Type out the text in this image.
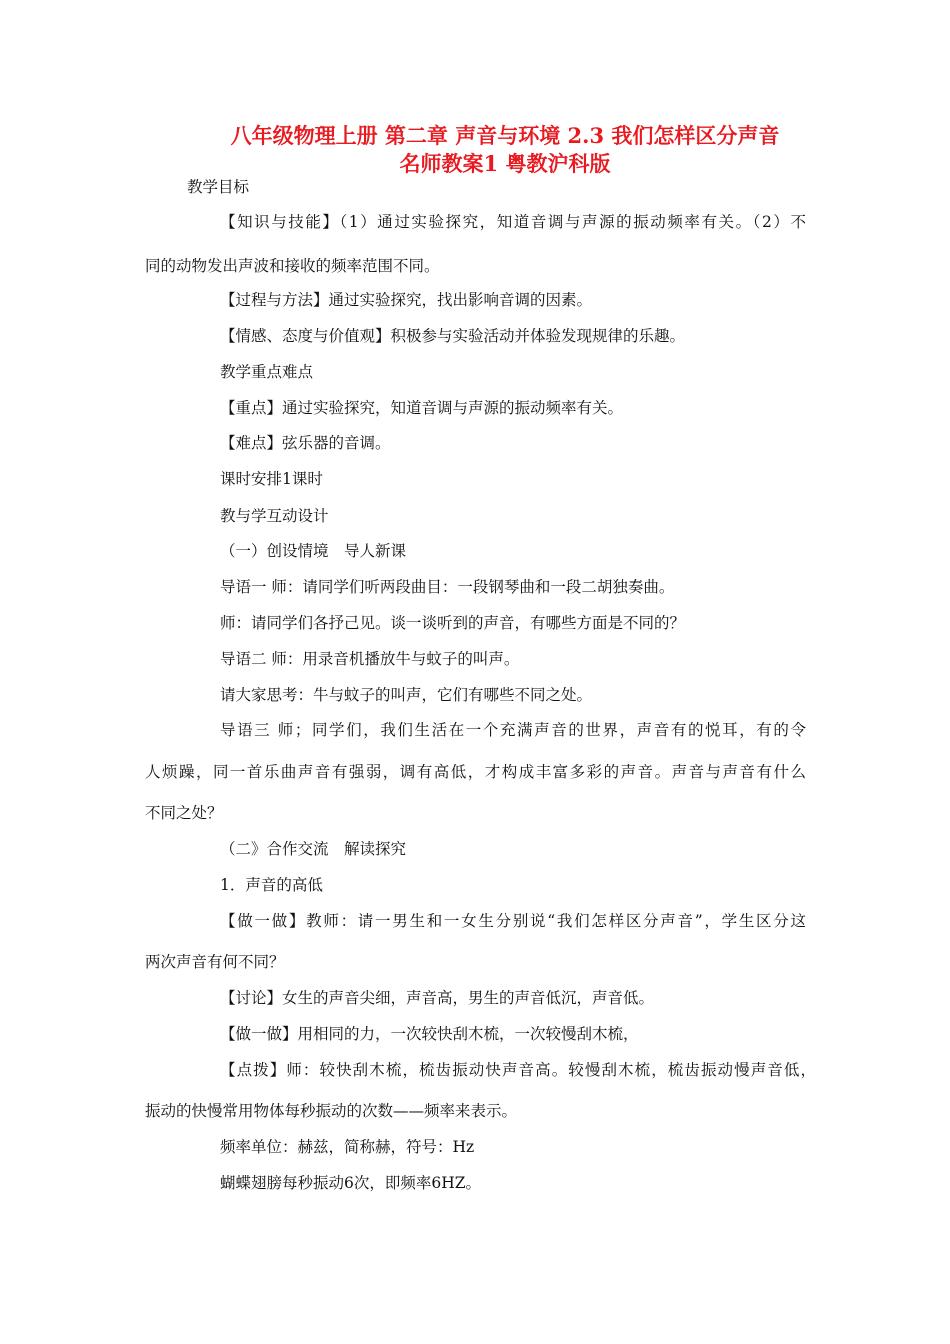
八年级物理上册 第二章 声音与环境 2.3 我们怎样区分声音
名师教案1 粤教沪科版

教学目标

【知识与技能】（1）通过实验探究，知道音调与声源的振动频率有关。（2）不

同的动物发出声波和接收的频率范围不同。

【过程与方法】通过实验探究，找出影响音调的因素。

【情感、态度与价值观】积极参与实验活动并体验发现规律的乐趣。

教学重点难点

【重点】通过实验探究，知道音调与声源的振动频率有关。

【难点】弦乐器的音调。

课时安排1课时

教与学互动设计

（一）创设情境　导人新课

导语一 师：请同学们听两段曲目：一段钢琴曲和一段二胡独奏曲。

师：请同学们各抒己见。谈一谈听到的声音，有哪些方面是不同的？

导语二 师：用录音机播放牛与蚊子的叫声。

请大家思考：牛与蚊子的叫声，它们有哪些不同之处。

导语三 师；同学们，我们生活在一个充满声音的世界，声音有的悦耳，有的令

人烦躁，同一首乐曲声音有强弱，调有高低，才构成丰富多彩的声音。声音与声音有什么

不同之处？

（二》合作交流　解读探究

1．声音的高低

【做一做】教师：请一男生和一女生分别说“我们怎样区分声音”，学生区分这

两次声音有何不同？

【讨论】女生的声音尖细，声音高，男生的声音低沉，声音低。

【做一做】用相同的力，一次较快刮木梳，一次较慢刮木梳，

【点拨】师：较快刮木梳，梳齿振动快声音高。较慢刮木梳，梳齿振动慢声音低，

振动的快慢常用物体每秒振动的次数——频率来表示。

频率单位：赫兹，简称赫，符号：Hz

蝴蝶翅膀每秒振动6次，即频率6HZ。
